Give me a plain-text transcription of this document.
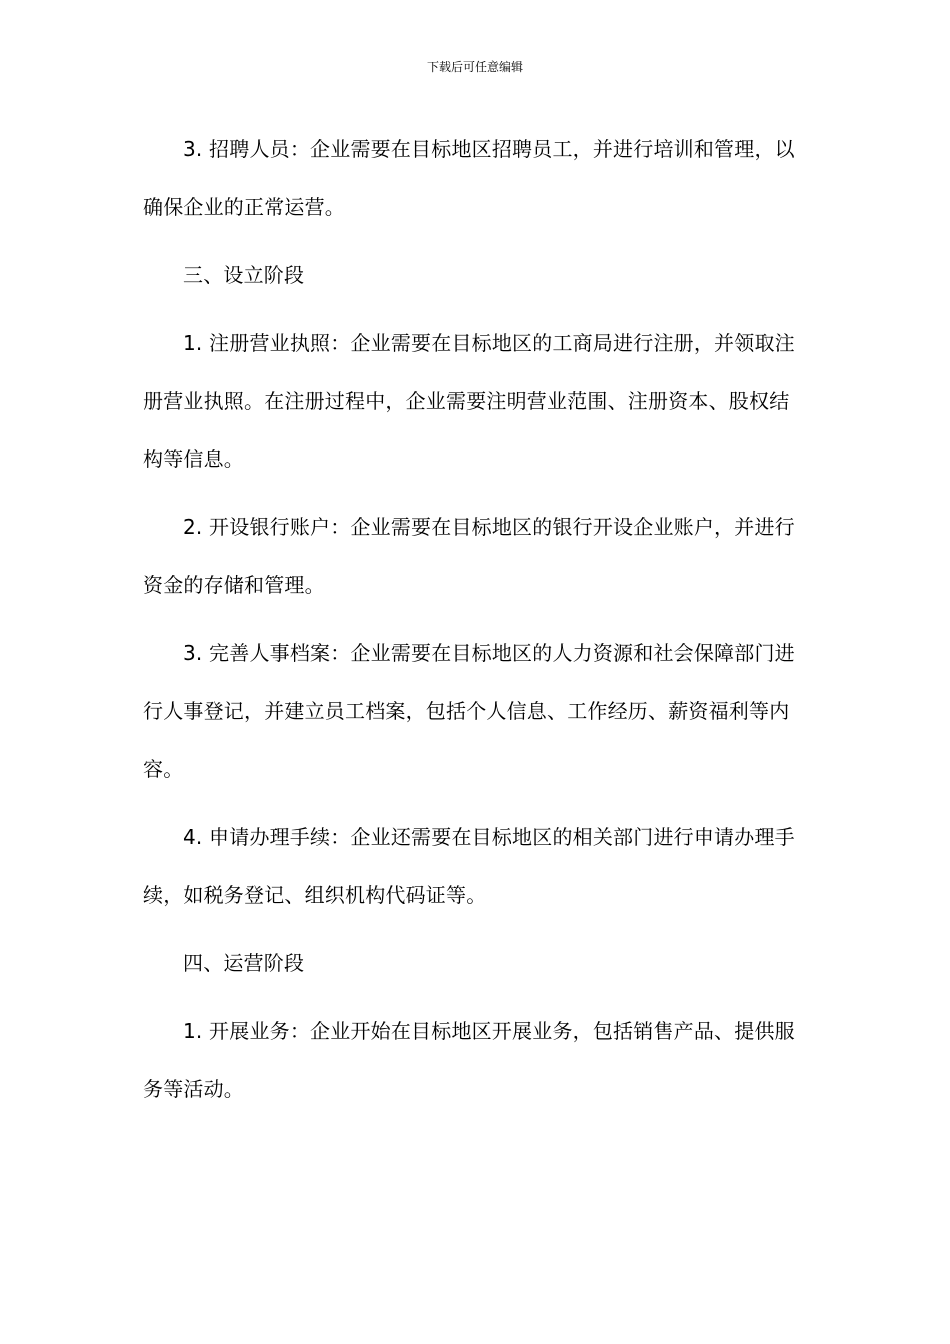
下载后可任意编辑

3. 招聘人员：企业需要在目标地区招聘员工，并进行培训和管理，以确保企业的正常运营。

三、设立阶段

1. 注册营业执照：企业需要在目标地区的工商局进行注册，并领取注册营业执照。在注册过程中，企业需要注明营业范围、注册资本、股权结构等信息。

2. 开设银行账户：企业需要在目标地区的银行开设企业账户，并进行资金的存储和管理。

3. 完善人事档案：企业需要在目标地区的人力资源和社会保障部门进行人事登记，并建立员工档案，包括个人信息、工作经历、薪资福利等内容。

4. 申请办理手续：企业还需要在目标地区的相关部门进行申请办理手续，如税务登记、组织机构代码证等。

四、运营阶段

1. 开展业务：企业开始在目标地区开展业务，包括销售产品、提供服务等活动。
